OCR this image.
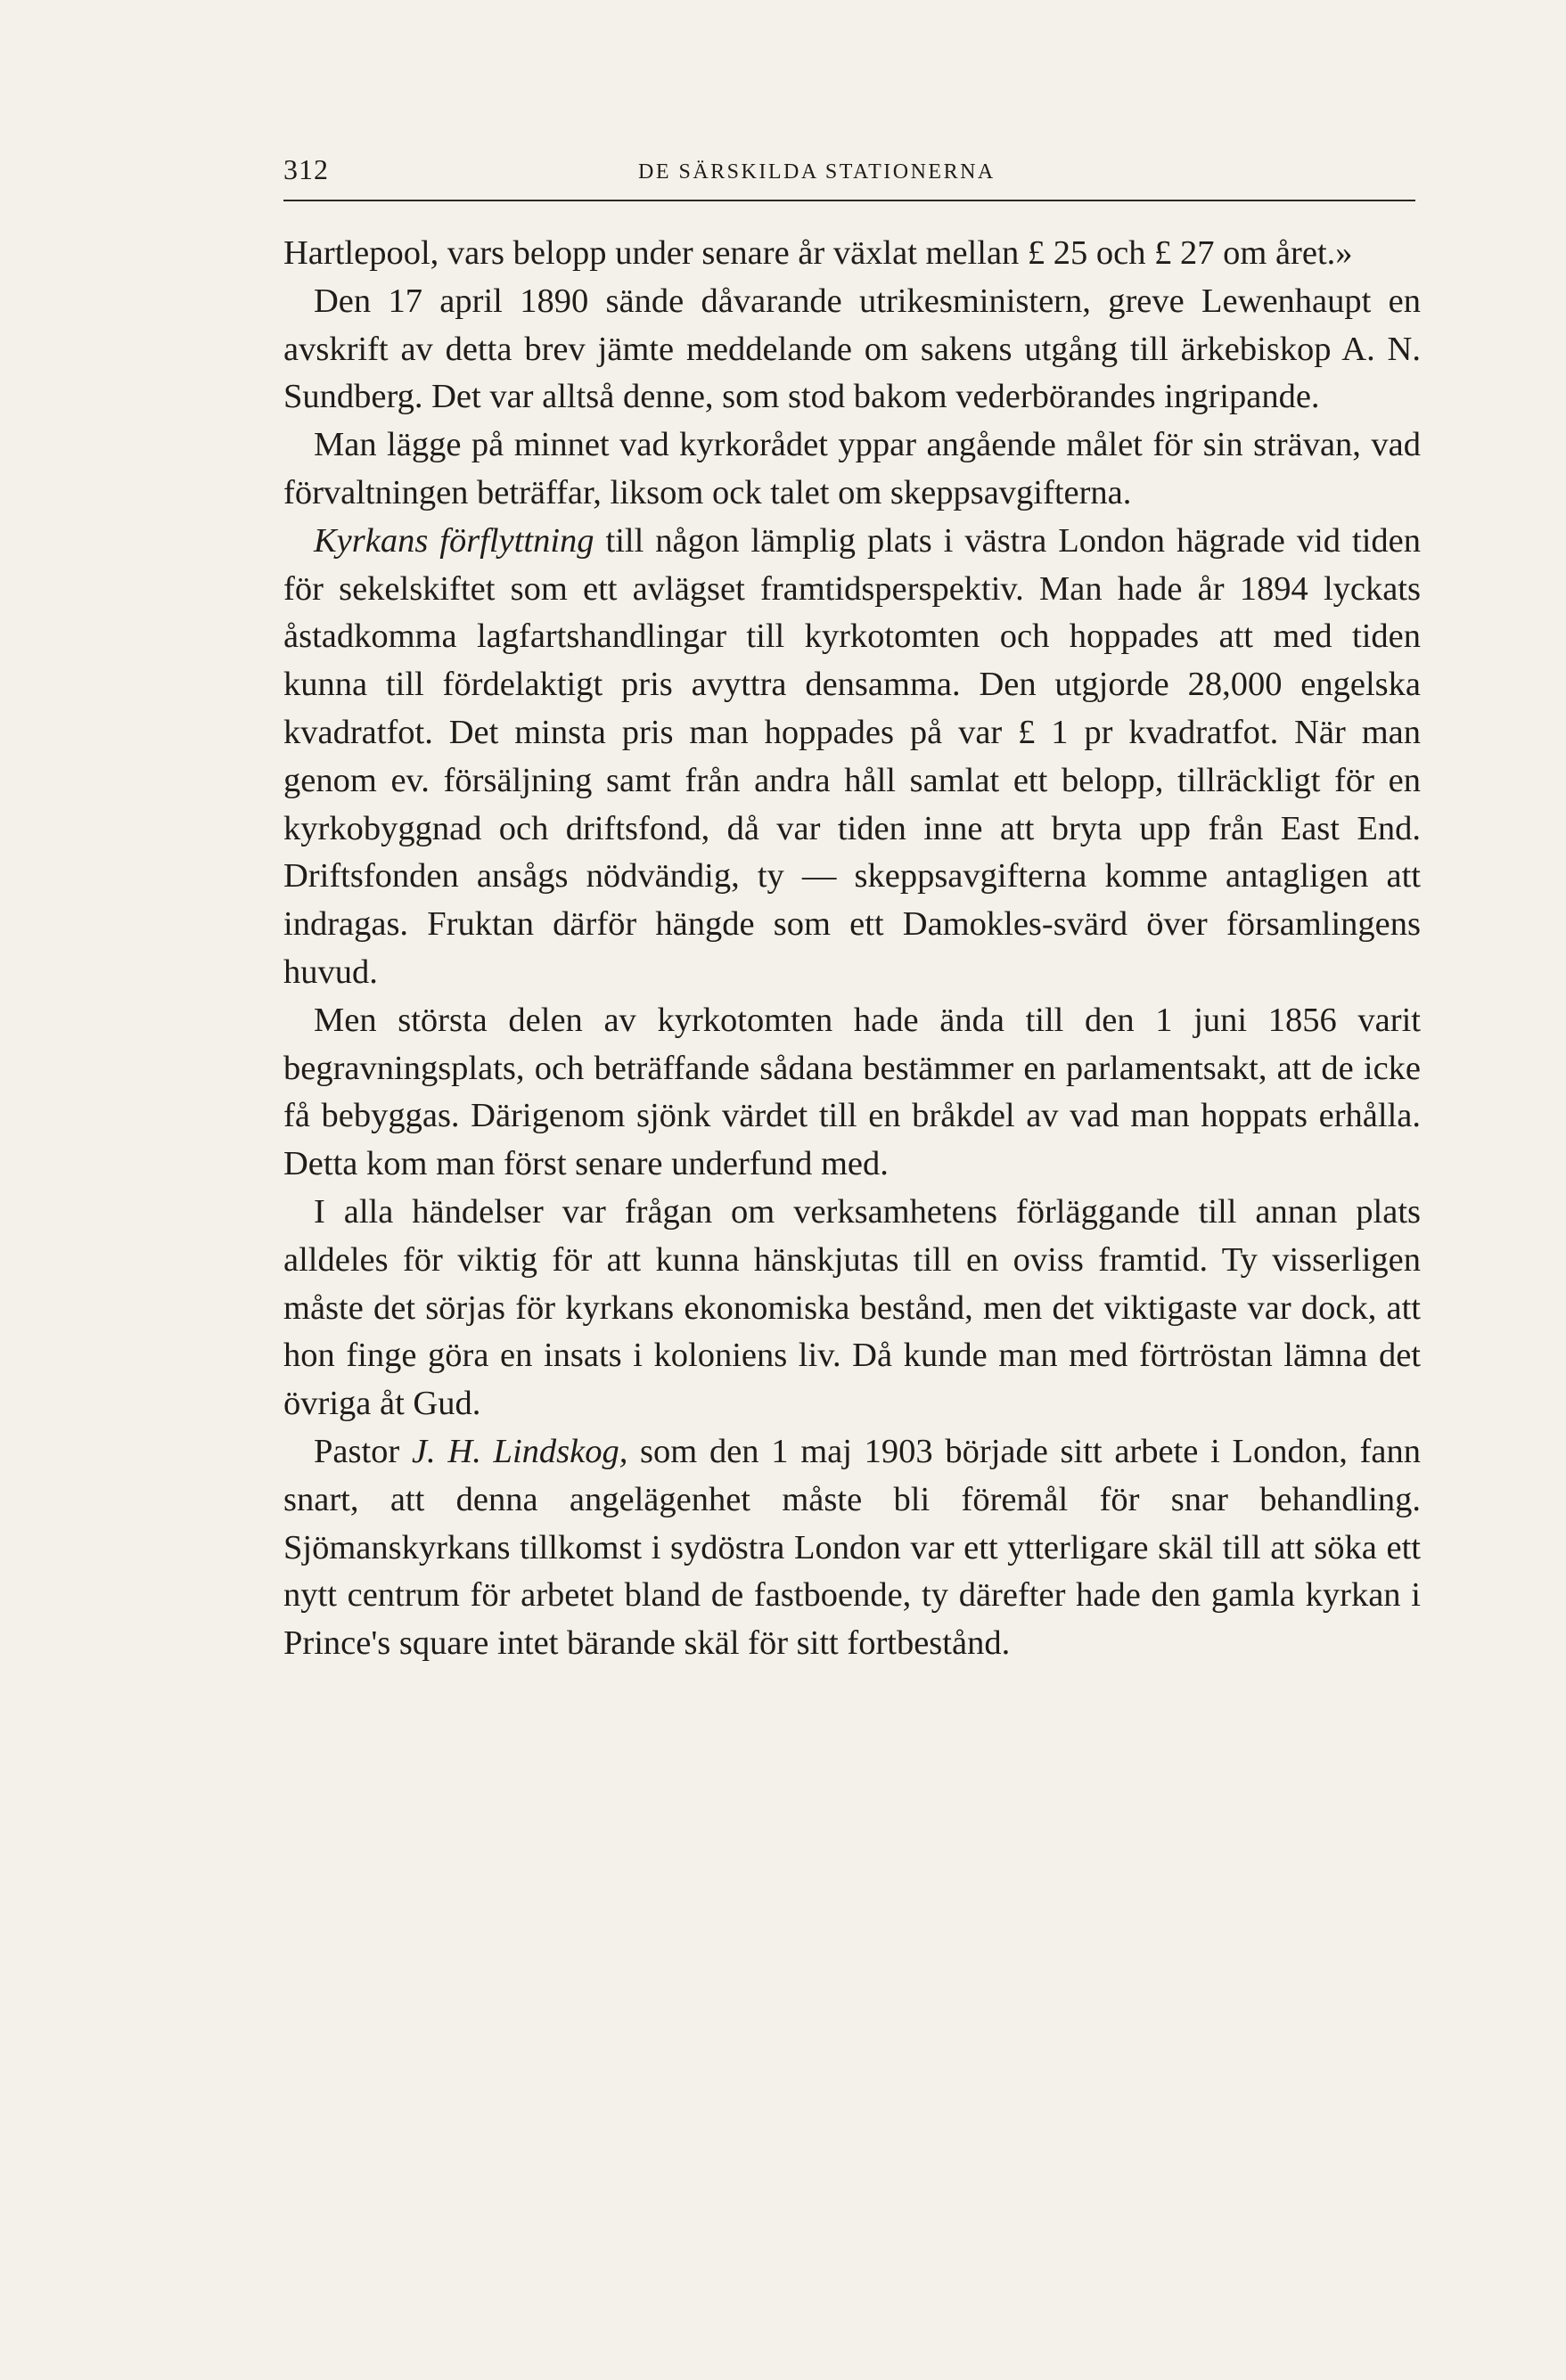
312	DE SÄRSKILDA STATIONERNA

Hartlepool, vars belopp under senare år växlat mellan £ 25 och £ 27 om året.»

Den 17 april 1890 sände dåvarande utrikesministern, greve Lewenhaupt en avskrift av detta brev jämte meddelande om sakens utgång till ärkebiskop A. N. Sundberg. Det var alltså denne, som stod bakom vederbörandes ingripande.

Man lägge på minnet vad kyrkorådet yppar angående målet för sin strävan, vad förvaltningen beträffar, liksom ock talet om skeppsavgifterna.

Kyrkans förflyttning till någon lämplig plats i västra London hägrade vid tiden för sekelskiftet som ett avlägset framtidsperspektiv. Man hade år 1894 lyckats åstadkomma lagfartshandlingar till kyrkotomten och hoppades att med tiden kunna till fördelaktigt pris avyttra densamma. Den utgjorde 28,000 engelska kvadratfot. Det minsta pris man hoppades på var £ 1 pr kvadratfot. När man genom ev. försäljning samt från andra håll samlat ett belopp, tillräckligt för en kyrkobyggnad och driftsfond, då var tiden inne att bryta upp från East End. Driftsfonden ansågs nödvändig, ty — skeppsavgifterna komme antagligen att indragas. Fruktan därför hängde som ett Damokles-svärd över församlingens huvud.

Men största delen av kyrkotomten hade ända till den 1 juni 1856 varit begravningsplats, och beträffande sådana bestämmer en parlamentsakt, att de icke få bebyggas. Därigenom sjönk värdet till en bråkdel av vad man hoppats erhålla. Detta kom man först senare underfund med.

I alla händelser var frågan om verksamhetens förläggande till annan plats alldeles för viktig för att kunna hänskjutas till en oviss framtid. Ty visserligen måste det sörjas för kyrkans ekonomiska bestånd, men det viktigaste var dock, att hon finge göra en insats i koloniens liv. Då kunde man med förtröstan lämna det övriga åt Gud.

Pastor J. H. Lindskog, som den 1 maj 1903 började sitt arbete i London, fann snart, att denna angelägenhet måste bli föremål för snar behandling. Sjömanskyrkans tillkomst i sydöstra London var ett ytterligare skäl till att söka ett nytt centrum för arbetet bland de fastboende, ty därefter hade den gamla kyrkan i Prince's square intet bärande skäl för sitt fortbestånd.
